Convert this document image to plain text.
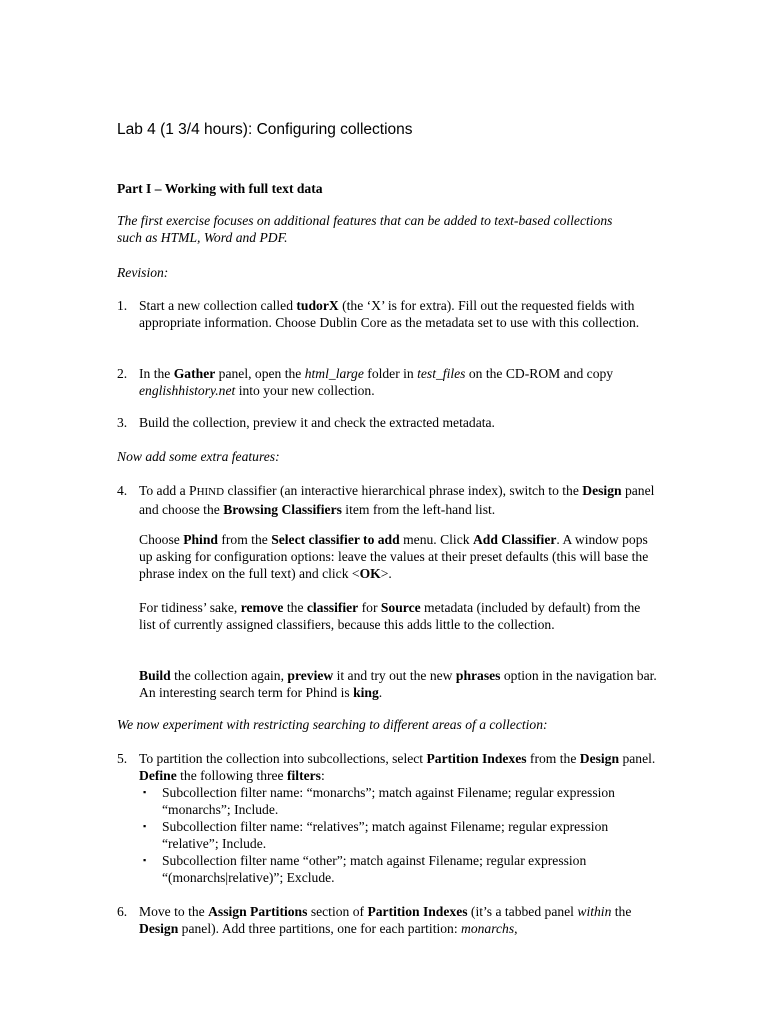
Lab 4 (1 3/4 hours): Configuring collections
Part I – Working with full text data
The first exercise focuses on additional features that can be added to text-based collections such as HTML, Word and PDF.
Revision:
1. Start a new collection called tudorX (the ‘X’ is for extra). Fill out the requested fields with appropriate information. Choose Dublin Core as the metadata set to use with this collection.
2. In the Gather panel, open the html_large folder in test_files on the CD-ROM and copy englishhistory.net into your new collection.
3. Build the collection, preview it and check the extracted metadata.
Now add some extra features:
4. To add a PHIND classifier (an interactive hierarchical phrase index), switch to the Design panel and choose the Browsing Classifiers item from the left-hand list.
Choose Phind from the Select classifier to add menu. Click Add Classifier. A window pops up asking for configuration options: leave the values at their preset defaults (this will base the phrase index on the full text) and click <OK>.
For tidiness’ sake, remove the classifier for Source metadata (included by default) from the list of currently assigned classifiers, because this adds little to the collection.
Build the collection again, preview it and try out the new phrases option in the navigation bar. An interesting search term for Phind is king.
We now experiment with restricting searching to different areas of a collection:
5. To partition the collection into subcollections, select Partition Indexes from the Design panel. Define the following three filters:
▪ Subcollection filter name: “monarchs”; match against Filename; regular expression “monarchs”; Include.
▪ Subcollection filter name: “relatives”; match against Filename; regular expression “relative”; Include.
▪ Subcollection filter name “other”; match against Filename; regular expression “(monarchs|relative)”; Exclude.
6. Move to the Assign Partitions section of Partition Indexes (it’s a tabbed panel within the Design panel). Add three partitions, one for each partition: monarchs,
